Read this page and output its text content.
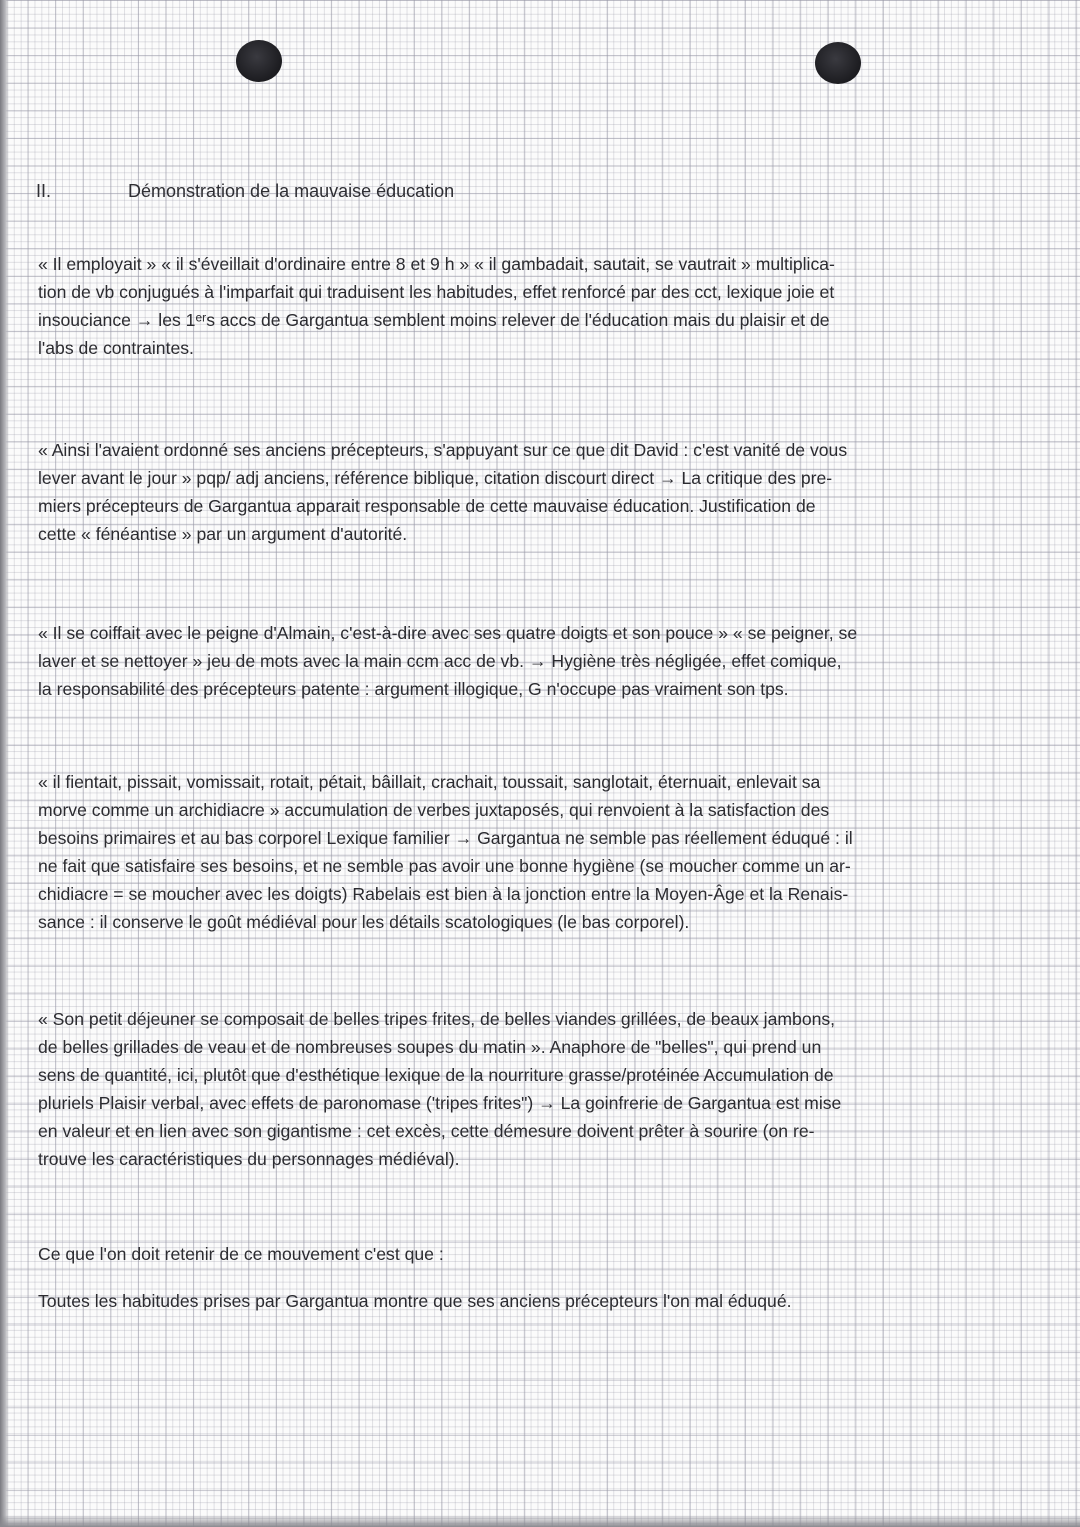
II.	Démonstration de la mauvaise éducation
« Il employait » « il s'éveillait d'ordinaire entre 8 et 9 h » « il gambadait, sautait, se vautrait » multiplica-
tion de vb conjugués à l'imparfait qui traduisent les habitudes, effet renforcé par des cct, lexique joie et
insouciance → les 1ᵉʳs accs de Gargantua semblent moins relever de l'éducation mais du plaisir et de
l'abs de contraintes.
« Ainsi l'avaient ordonné ses anciens précepteurs, s'appuyant sur ce que dit David : c'est vanité de vous
lever avant le jour » pqp/ adj anciens, référence biblique, citation discourt direct → La critique des pre-
miers précepteurs de Gargantua apparait responsable de cette mauvaise éducation. Justification de
cette « fénéantise » par un argument d'autorité.
« Il se coiffait avec le peigne d'Almain, c'est-à-dire avec ses quatre doigts et son pouce » « se peigner, se
laver et se nettoyer » jeu de mots avec la main ccm acc de vb. → Hygiène très négligée, effet comique,
la responsabilité des précepteurs patente : argument illogique, G n'occupe pas vraiment son tps.
« il fientait, pissait, vomissait, rotait, pétait, bâillait, crachait, toussait, sanglotait, éternuait, enlevait sa
morve comme un archidiacre » accumulation de verbes juxtaposés, qui renvoient à la satisfaction des
besoins primaires et au bas corporel Lexique familier → Gargantua ne semble pas réellement éduqué : il
ne fait que satisfaire ses besoins, et ne semble pas avoir une bonne hygiène (se moucher comme un ar-
chidiacre = se moucher avec les doigts) Rabelais est bien à la jonction entre la Moyen-Âge et la Renais-
sance : il conserve le goût médiéval pour les détails scatologiques (le bas corporel).
« Son petit déjeuner se composait de belles tripes frites, de belles viandes grillées, de beaux jambons,
de belles grillades de veau et de nombreuses soupes du matin ». Anaphore de "belles", qui prend un
sens de quantité, ici, plutôt que d'esthétique lexique de la nourriture grasse/protéinée Accumulation de
pluriels Plaisir verbal, avec effets de paronomase ('tripes frites") → La goinfrerie de Gargantua est mise
en valeur et en lien avec son gigantisme : cet excès, cette démesure doivent prêter à sourire (on re-
trouve les caractéristiques du personnages médiéval).
Ce que l'on doit retenir de ce mouvement c'est que :
Toutes les habitudes prises par Gargantua montre que ses anciens précepteurs l'on mal éduqué.
